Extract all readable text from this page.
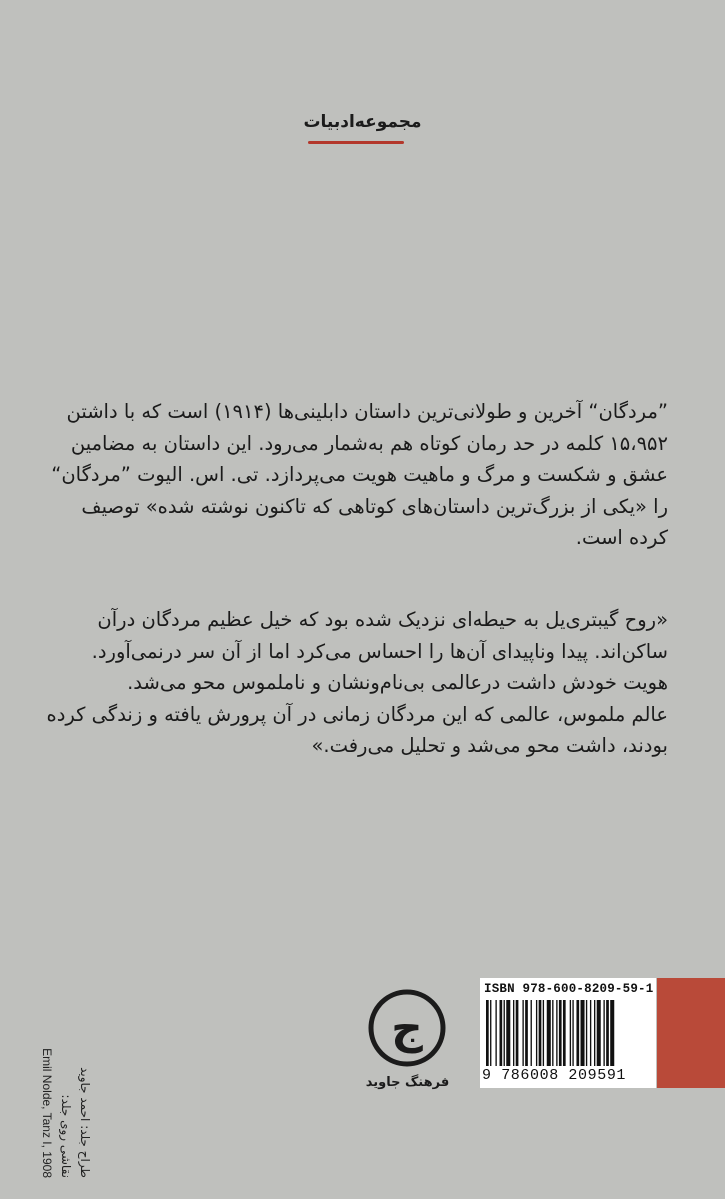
مجموعه‌ادبیات
”مردگان“ آخرین و طولانی‌ترین داستان دابلینی‌ها (۱۹۱۴) است که با داشتن
۱۵،۹۵۲ کلمه در حد رمان کوتاه هم به‌شمار می‌رود. این داستان به مضامین
عشق و شکست و مرگ و ماهیت هویت می‌پردازد. تی. اس. الیوت ”مردگان“
را «یکی از بزرگ‌ترین داستان‌های کوتاهی که تاکنون نوشته شده» توصیف
کرده است.
«روح گیبتری‌یل به حیطه‌ای نزدیک شده بود که خیل عظیم مردگان درآن
ساکن‌اند. پیدا وناپیدای آن‌ها را احساس می‌کرد اما از آن سر درنمی‌آورد.
هویت خودش داشت درعالمی بی‌نام‌ونشان و ناملموس محو می‌شد.
عالم ملموس، عالمی که این مردگان زمانی در آن پرورش یافته و زندگی کرده
بودند، داشت محو می‌شد و تحلیل می‌رفت.»
طراح جلد: احمد جاوید
نقاشی روی جلد:
Emil Nolde, Tanz I, 1908
ج
فرهنگ جاوید
ISBN 978-600-8209-59-1
9 786008 209591
